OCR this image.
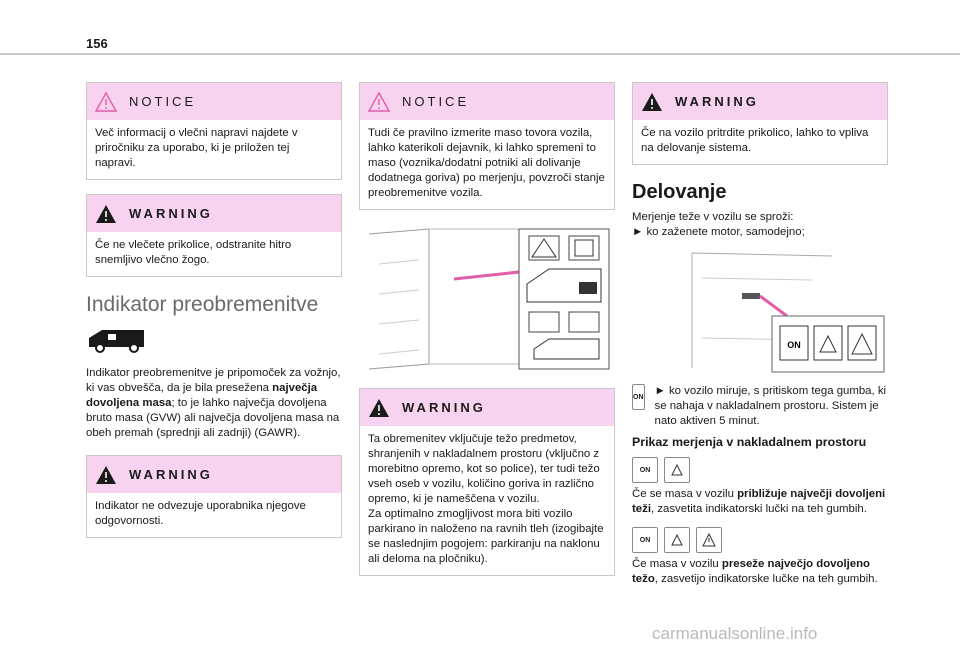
156
NOTICE
Več informacij o vlečni napravi najdete v priročniku za uporabo, ki je priložen tej napravi.
WARNING
Če ne vlečete prikolice, odstranite hitro snemljivo vlečno žogo.
Indikator preobremenitve

Indikator preobremenitve je pripomoček za vožnjo, ki vas obvešča, da je bila presežena največja dovoljena masa; to je lahko največja dovoljena bruto masa (GVW) ali največja dovoljena masa na obeh premah (sprednji ali zadnji) (GAWR).

WARNING
Indikator ne odvezuje uporabnika njegove odgovornosti.
NOTICE
Tudi če pravilno izmerite maso tovora vozila, lahko katerikoli dejavnik, ki lahko spremeni to maso (voznika/dodatni potniki ali dolivanje dodatnega goriva) po merjenju, povzroči stanje preobremenitve vozila.
WARNING
Ta obremenitev vključuje težo predmetov, shranjenih v nakladalnem prostoru (vključno z morebitno opremo, kot so police), ter tudi težo vseh oseb v vozilu, količino goriva in različno opremo, ki je nameščena v vozilu.
Za optimalno zmogljivost mora biti vozilo parkirano in naloženo na ravnih tleh (izogibajte se naslednjim pogojem: parkiranju na naklonu ali deloma na pločniku).
WARNING
Če na vozilo pritrdite prikolico, lahko to vpliva na delovanje sistema.
Delovanje

Merjenje teže v vozilu se sproži:
► ko zaženete motor, samodejno;

ON
ON ► ko vozilo miruje, s pritiskom tega gumba, ki se nahaja v nakladalnem prostoru. Sistem je nato aktiven 5 minut.

Prikaz merjenja v nakladalnem prostoru
ON

Če se masa v vozilu približuje največji dovoljeni teži, zasvetita indikatorski lučki na teh gumbih.

ON

Če masa v vozilu preseže največjo dovoljeno težo, zasvetijo indikatorske lučke na teh gumbih.

carmanualsonline.info
